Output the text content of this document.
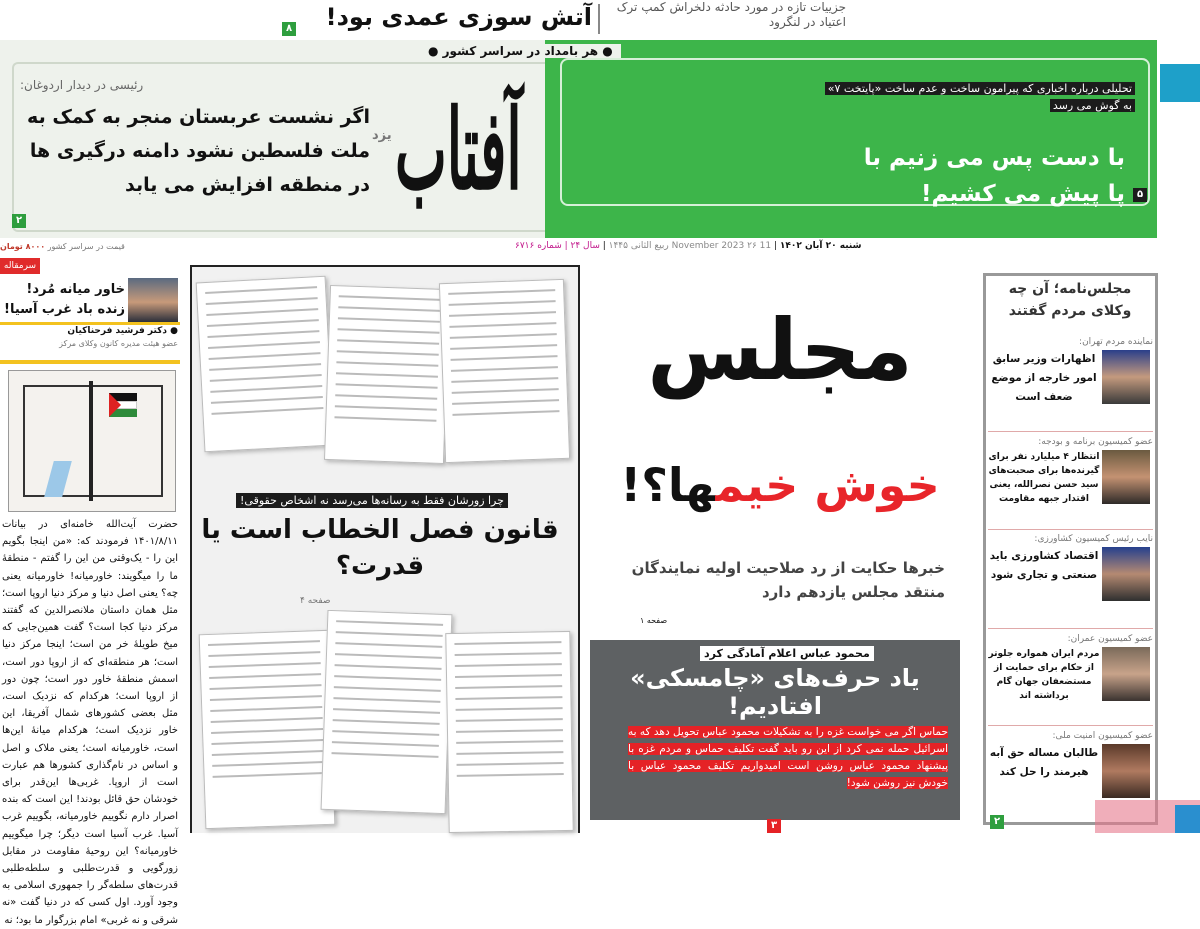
آتش سوزی عمدی بود!	جزییات تازه در مورد حادثه دلخراش کمپ ترک اعتیاد در لنگرود
۸
● هر بامداد در سراسر کشور ●
آفتاب
یزد
رئیسی در دیدار اردوغان:
اگر نشست عربستان منجر به کمک به ملت فلسطین نشود دامنه درگیری ها در منطقه افزایش می یابد
۲
تحلیلی درباره اخباری که پیرامون ساخت و عدم ساخت «پایتخت ۷»
به گوش می رسد
با دست پس می زنیم با پا پیش می کشیم!	۵
شنبه ۲۰ آبان ۱۴۰۲ | 11 November 2023 ۲۶ ربیع الثانی ۱۴۴۵ | سال ۲۴ | شماره ۶۷۱۶
قیمت در سراسر کشور ۸۰۰۰ تومان
سرمقاله
خاور میانه مُرد! زنده باد غرب آسیا!
● دکتر فرشید فرحناکیان
عضو هیئت مدیره کانون وکلای مرکز
حضرت آیت‌الله خامنه‌ای در بیانات ۱۴۰۱/۸/۱۱ فرمودند که: «من اینجا بگویم این را - یک‌وقتی من این را گفتم - منطقهٔ ما را میگویند: خاورمیانه! خاورمیانه یعنی چه؟ یعنی اصل دنیا و مرکز دنیا اروپا است؛ مثل همان داستان ملانصرالدین که گفتند مرکز دنیا کجا است؟ گفت همین‌جایی که میخ طویلهٔ خر من است؛ اینجا مرکز دنیا است؛ هر منطقه‌ای که از اروپا دور است، اسمش منطقهٔ خاور دور است؛ چون دور از اروپا است؛ هرکدام که نزدیک است، مثل بعضی کشورهای شمال آفریقا، این خاور نزدیک است؛ هرکدام میانهٔ این‌ها است، خاورمیانه است؛ یعنی ملاک و اصل و اساس در نام‌گذاری کشورها هم عبارت است از اروپا. غربی‌ها این‌قدر برای خودشان حق قائل بودند! این است که بنده اصرار دارم نگوییم خاورمیانه، بگوییم غرب آسیا. غرب آسیا است دیگر؛ چرا میگوییم خاورمیانه؟ این روحیهٔ مقاومت در مقابل زورگویی و قدرت‌طلبی و سلطه‌طلبی قدرت‌های سلطه‌گر را جمهوری اسلامی به وجود آورد. اول کسی که در دنیا گفت «نه شرقی و نه غربی» امام بزرگوار ما بود؛ نه
چرا زورشان فقط به رسانه‌ها می‌رسد نه اشخاص حقوقی!
قانون فصل الخطاب است یا قدرت؟
صفحه ۴
مجلس
خوش خیمها؟!
خبرها حکایت از رد صلاحیت اولیه نمایندگان منتقد مجلس یازدهم دارد
صفحه ۱
محمود عباس اعلام آمادگی کرد
یاد حرف‌های «چامسکی» افتادیم!
حماس اگر می خواست غزه را به تشکیلات محمود عباس تحویل دهد که به اسرائیل حمله نمی کرد از این رو باید گفت تکلیف حماس و مردم غزه با پیشنهاد محمود عباس روشن است امیدواریم تکلیف محمود عباس با خودش نیز روشن شود!
۳
مجلس‌نامه؛ آن چه وکلای مردم گفتند
نماینده مردم تهران:
اظهارات وزیر سابق امور خارجه از موضع ضعف است
عضو کمیسیون برنامه و بودجه:
انتظار ۴ میلیارد نفر برای گیرنده‌ها برای صحبت‌های سید حسن نصرالله، یعنی اقتدار جبهه مقاومت
نایب رئیس کمیسیون کشاورزی:
اقتصاد کشاورزی باید صنعتی و تجاری شود
عضو کمیسیون عمران:
مردم ایران همواره جلوتر از حکام برای حمایت از مستضعفان جهان گام برداشته اند
عضو کمیسیون امنیت ملی:
طالبان مساله حق آبه هیرمند را حل کند
۲
